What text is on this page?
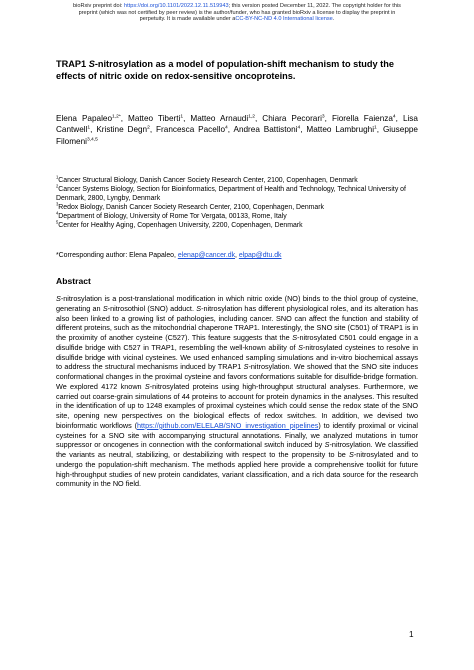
bioRxiv preprint doi: https://doi.org/10.1101/2022.12.11.519943; this version posted December 11, 2022. The copyright holder for this
preprint (which was not certified by peer review) is the author/funder, who has granted bioRxiv a license to display the preprint in
perpetuity. It is made available under aCC-BY-NC-ND 4.0 International license.
TRAP1 S-nitrosylation as a model of population-shift mechanism to study the effects of nitric oxide on redox-sensitive oncoproteins.
Elena Papaleo$^{1,2*}$, Matteo Tiberti$^1$, Matteo Arnaudi$^{1,2}$, Chiara Pecorari$^3$, Fiorella Faienza$^4$, Lisa Cantwell$^1$, Kristine Degn$^2$, Francesca Pacello$^4$, Andrea Battistoni$^4$, Matteo Lambrughi$^1$, Giuseppe Filomeni$^{3,4,5}$
$^1$Cancer Structural Biology, Danish Cancer Society Research Center, 2100, Copenhagen, Denmark
$^2$Cancer Systems Biology, Section for Bioinformatics, Department of Health and Technology, Technical University of Denmark, 2800, Lyngby, Denmark
$^3$Redox Biology, Danish Cancer Society Research Center, 2100, Copenhagen, Denmark
$^4$Department of Biology, University of Rome Tor Vergata, 00133, Rome, Italy
$^5$Center for Healthy Aging, Copenhagen University, 2200, Copenhagen, Denmark
*Corresponding author: Elena Papaleo, elenap@cancer.dk, elpap@dtu.dk
Abstract
S-nitrosylation is a post-translational modification in which nitric oxide (NO) binds to the thiol group of cysteine, generating an S-nitrosothiol (SNO) adduct. S-nitrosylation has different physiological roles, and its alteration has also been linked to a growing list of pathologies, including cancer. SNO can affect the function and stability of different proteins, such as the mitochondrial chaperone TRAP1. Interestingly, the SNO site (C501) of TRAP1 is in the proximity of another cysteine (C527). This feature suggests that the S-nitrosylated C501 could engage in a disulfide bridge with C527 in TRAP1, resembling the well-known ability of S-nitrosylated cysteines to resolve in disulfide bridge with vicinal cysteines. We used enhanced sampling simulations and in-vitro biochemical assays to address the structural mechanisms induced by TRAP1 S-nitrosylation. We showed that the SNO site induces conformational changes in the proximal cysteine and favors conformations suitable for disulfide-bridge formation. We explored 4172 known S-nitrosylated proteins using high-throughput structural analyses. Furthermore, we carried out coarse-grain simulations of 44 proteins to account for protein dynamics in the analyses. This resulted in the identification of up to 1248 examples of proximal cysteines which could sense the redox state of the SNO site, opening new perspectives on the biological effects of redox switches. In addition, we devised two bioinformatic workflows (https://github.com/ELELAB/SNO_investigation_pipelines) to identify proximal or vicinal cysteines for a SNO site with accompanying structural annotations. Finally, we analyzed mutations in tumor suppressor or oncogenes in connection with the conformational switch induced by S-nitrosylation. We classified the variants as neutral, stabilizing, or destabilizing with respect to the propensity to be S-nitrosylated and to undergo the population-shift mechanism. The methods applied here provide a comprehensive toolkit for future high-throughput studies of new protein candidates, variant classification, and a rich data source for the research community in the NO field.
1
